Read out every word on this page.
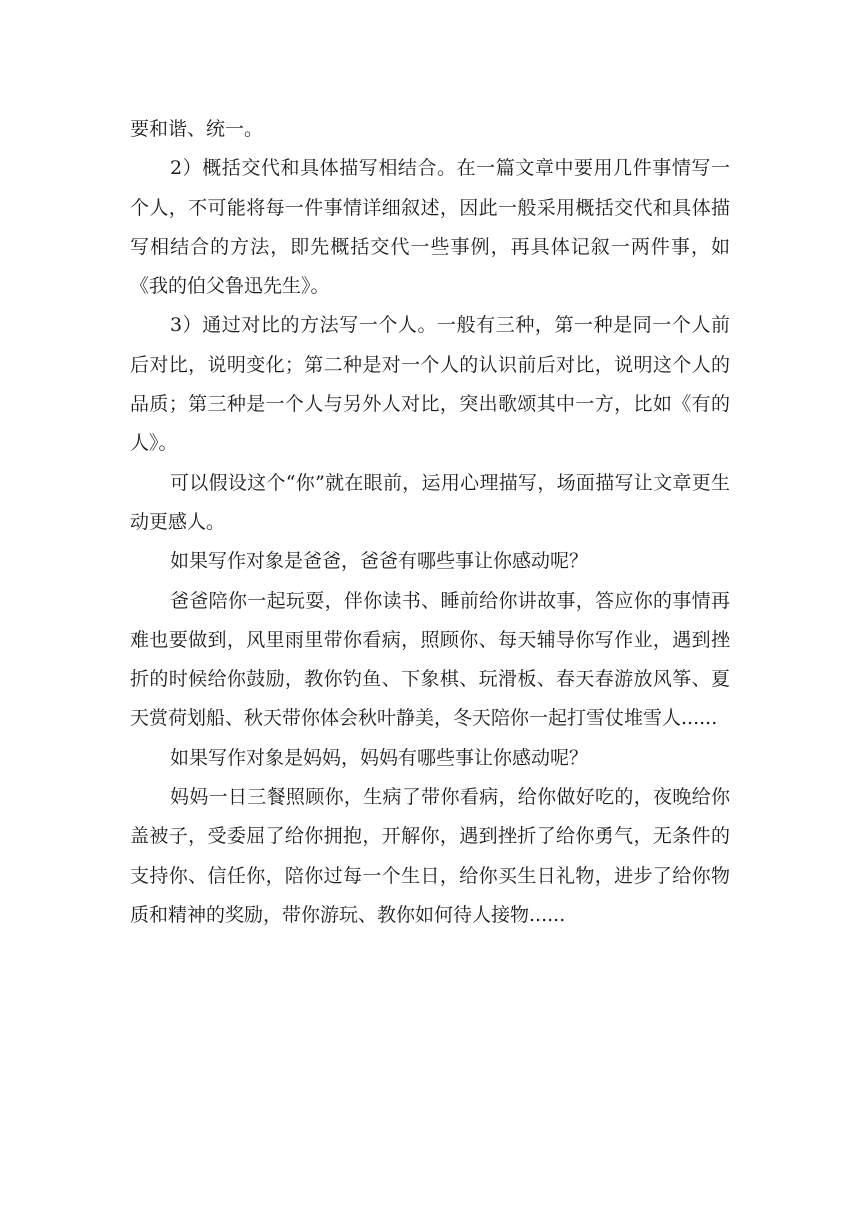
要和谐、统一。

2）概括交代和具体描写相结合。在一篇文章中要用几件事情写一个人，不可能将每一件事情详细叙述，因此一般采用概括交代和具体描写相结合的方法，即先概括交代一些事例，再具体记叙一两件事，如《我的伯父鲁迅先生》。

3）通过对比的方法写一个人。一般有三种，第一种是同一个人前后对比，说明变化；第二种是对一个人的认识前后对比，说明这个人的品质；第三种是一个人与另外人对比，突出歌颂其中一方，比如《有的人》。

可以假设这个“你”就在眼前，运用心理描写，场面描写让文章更生动更感人。

如果写作对象是爸爸，爸爸有哪些事让你感动呢？

爸爸陪你一起玩耍，伴你读书、睡前给你讲故事，答应你的事情再难也要做到，风里雨里带你看病，照顾你、每天辅导你写作业，遇到挫折的时候给你鼓励，教你钓鱼、下象棋、玩滑板、春天春游放风筝、夏天赏荷划船、秋天带你体会秋叶静美，冬天陪你一起打雪仗堆雪人......

如果写作对象是妈妈，妈妈有哪些事让你感动呢？

妈妈一日三餐照顾你，生病了带你看病，给你做好吃的，夜晚给你盖被子，受委屈了给你拥抱，开解你，遇到挫折了给你勇气，无条件的支持你、信任你，陪你过每一个生日，给你买生日礼物，进步了给你物质和精神的奖励，带你游玩、教你如何待人接物......
